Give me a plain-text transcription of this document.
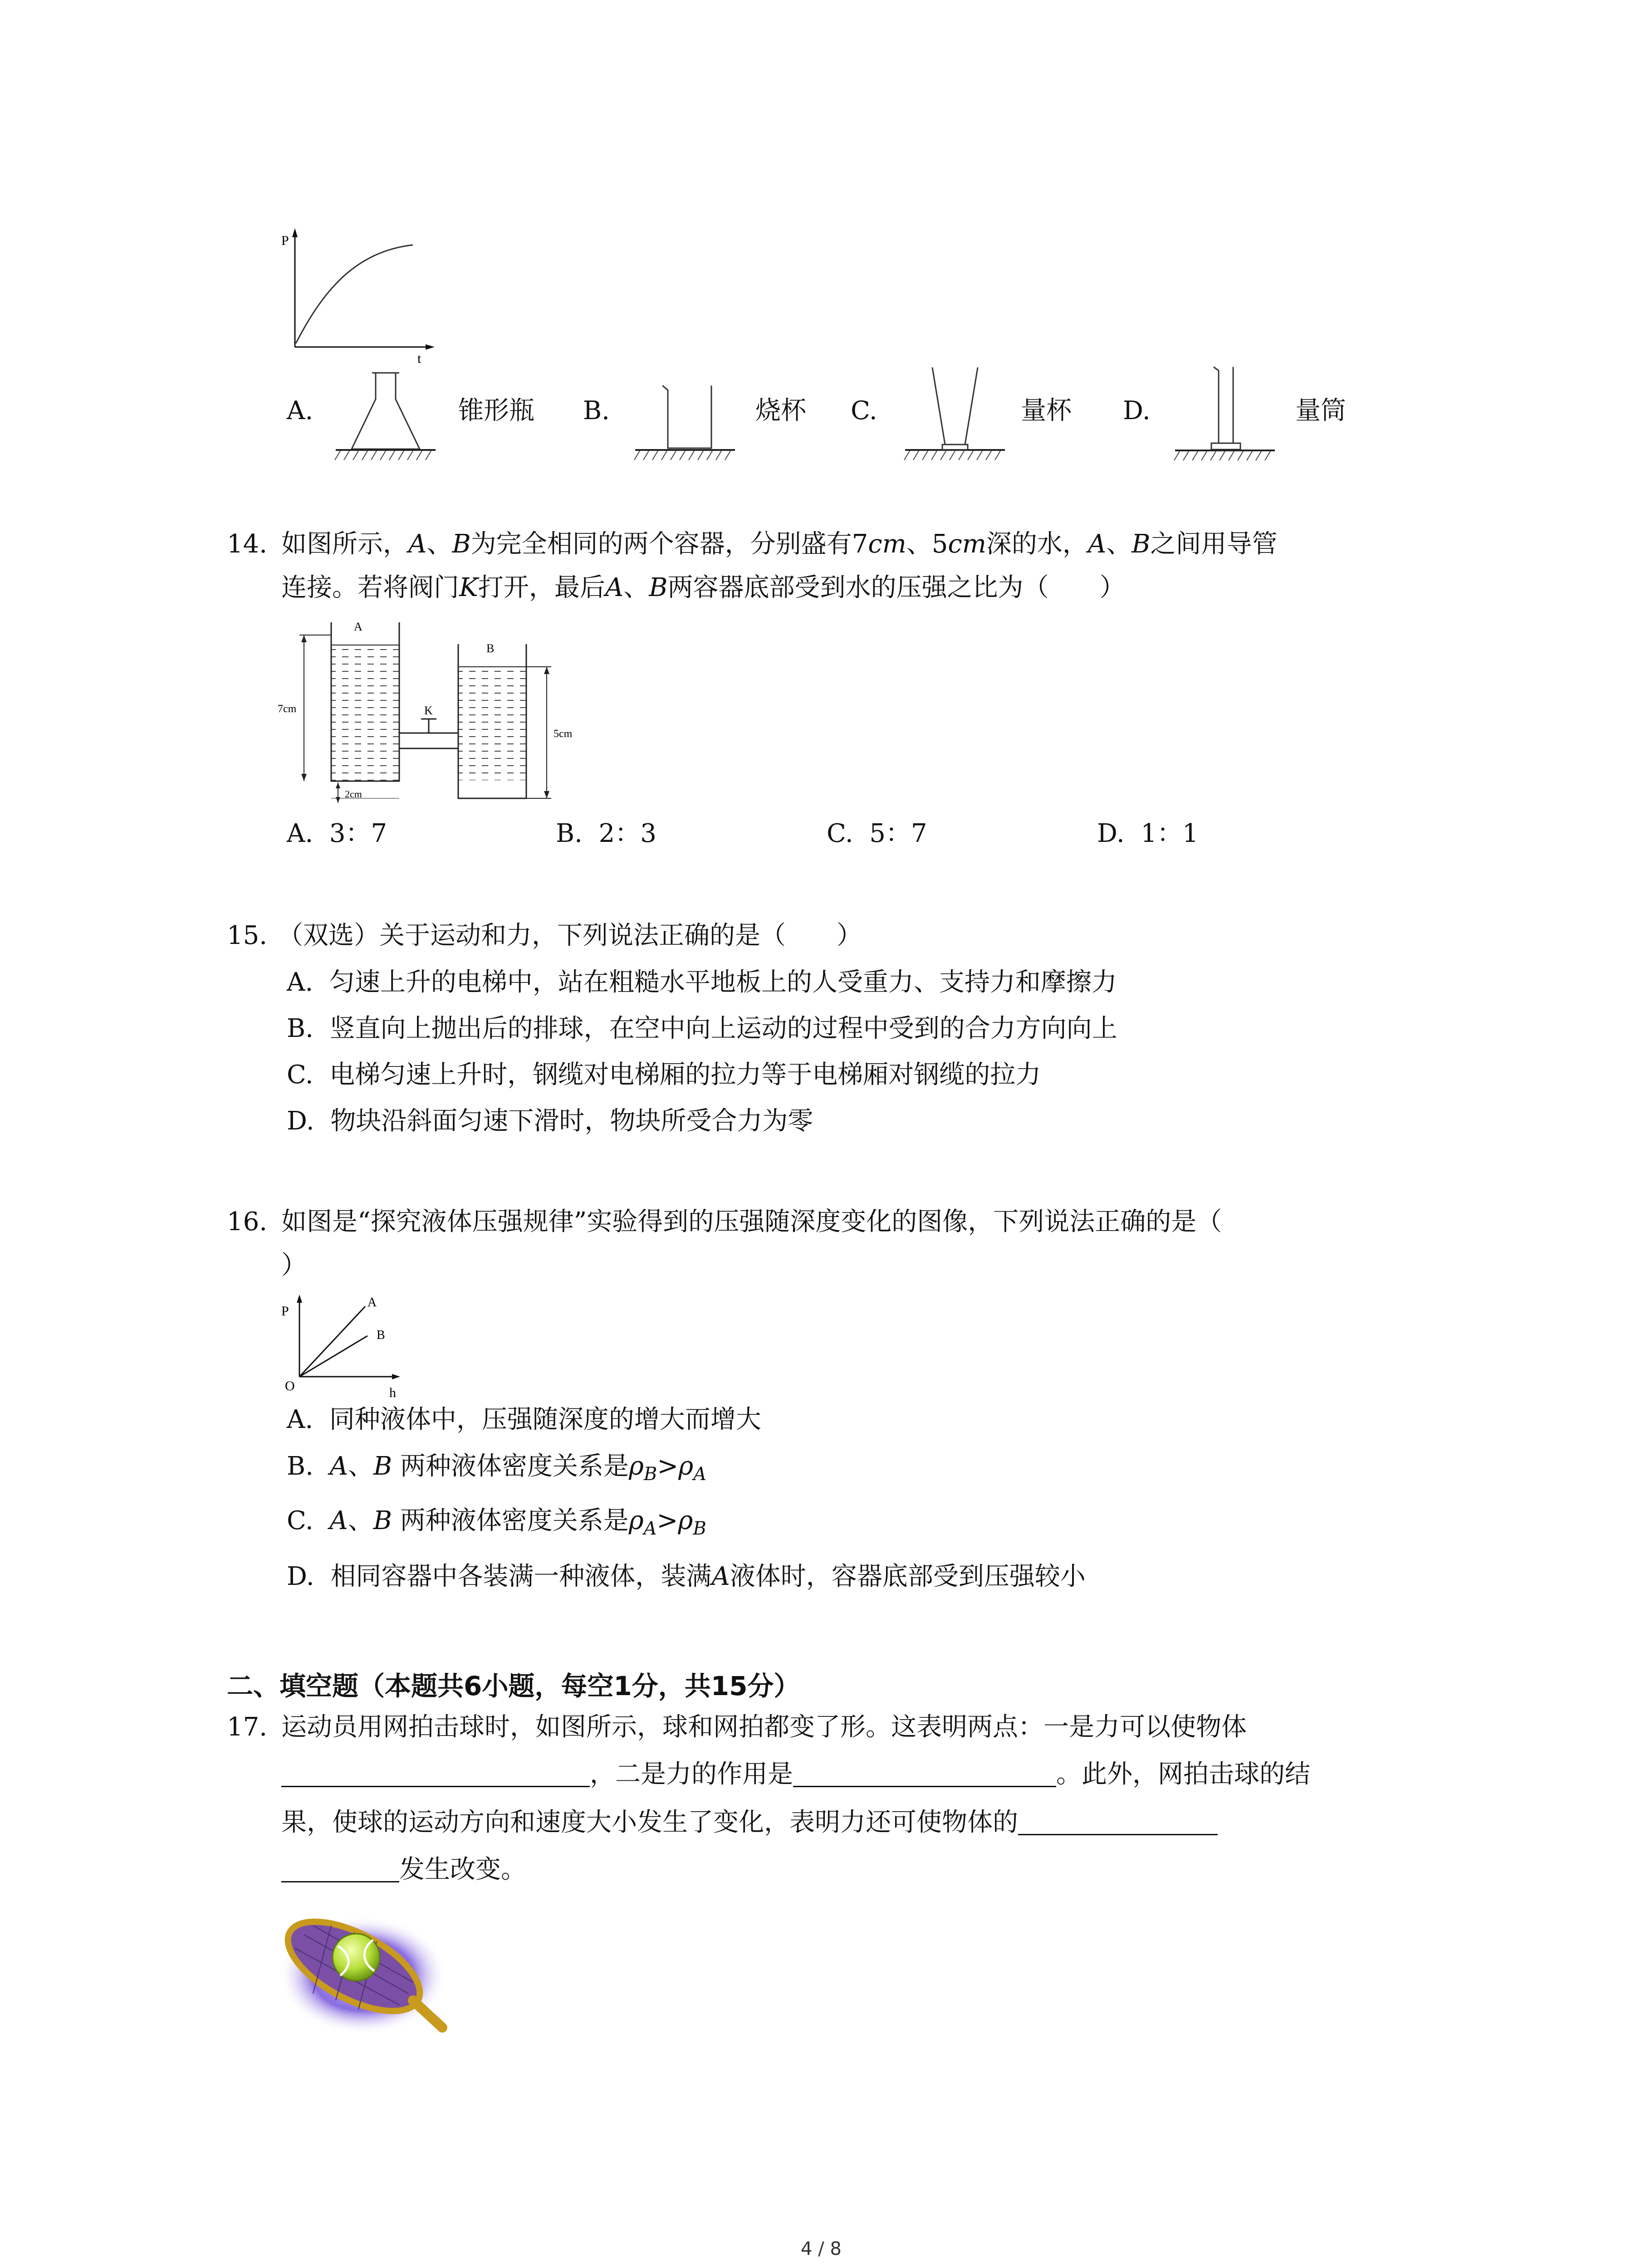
P
t
A.	锥形瓶 B.	烧杯 C.	量杯 D.	量筒
14. 如图所示，A、B为完全相同的两个容器，分别盛有7cm、5cm深的水，A、B之间用导管
连接。若将阀门K打开，最后A、B两容器底部受到水的压强之比为（　　）
A
B
K
7cm
5cm
2cm
A. 3：7	B. 2：3	C. 5：7	D. 1：1
15. （双选）关于运动和力，下列说法正确的是（　　）
A. 匀速上升的电梯中，站在粗糙水平地板上的人受重力、支持力和摩擦力
B. 竖直向上抛出后的排球，在空中向上运动的过程中受到的合力方向向上
C. 电梯匀速上升时，钢缆对电梯厢的拉力等于电梯厢对钢缆的拉力
D. 物块沿斜面匀速下滑时，物块所受合力为零
16. 如图是“探究液体压强规律”实验得到的压强随深度变化的图像，下列说法正确的是（
）
P
h
O
A
B
A. 同种液体中，压强随深度的增大而增大
B. A、B 两种液体密度关系是$\rho_B>\rho_A$
C. A、B 两种液体密度关系是$\rho_A>\rho_B$
D. 相同容器中各装满一种液体，装满A液体时，容器底部受到压强较小
二、填空题（本题共6小题，每空1分，共15分）
17. 运动员用网拍击球时，如图所示，球和网拍都变了形。这表明两点：一是力可以使物体
，二是力的作用是	。此外，网拍击球的结
果，使球的运动方向和速度大小发生了变化，表明力还可使物体的
发生改变。
4 / 8
